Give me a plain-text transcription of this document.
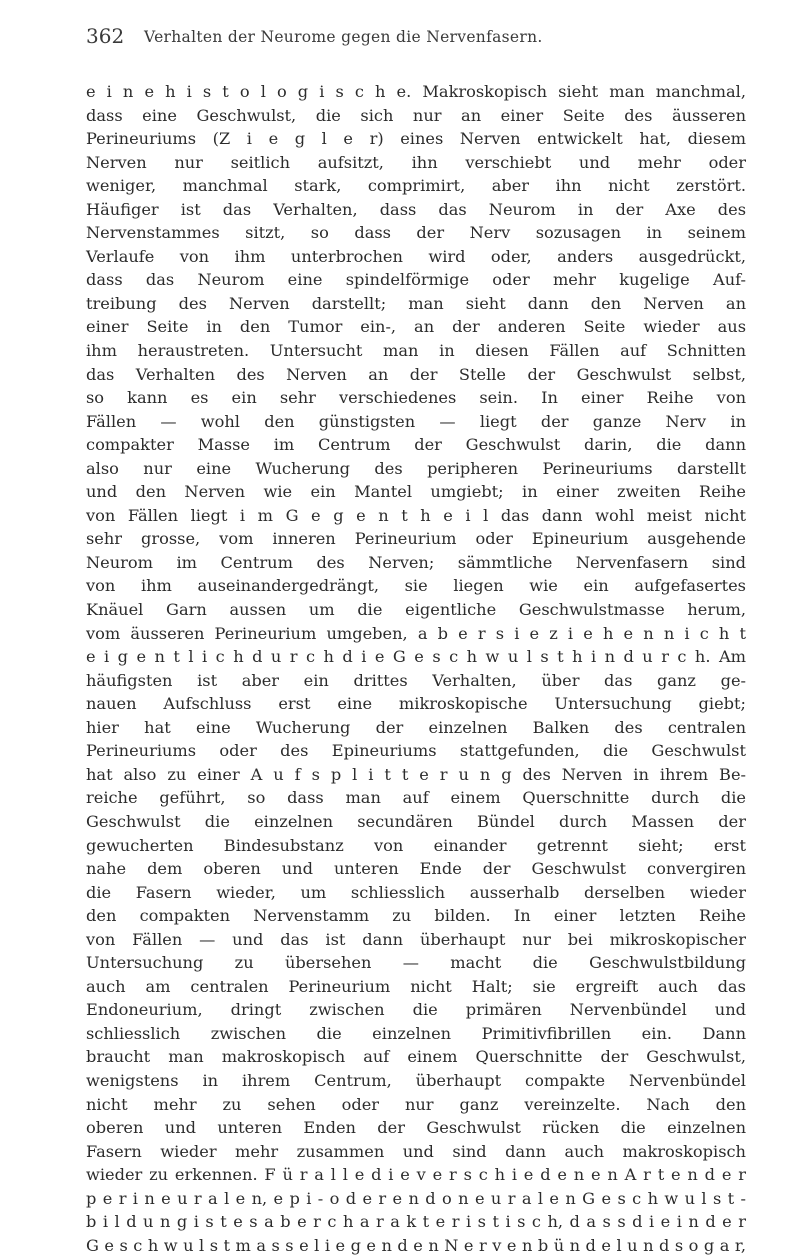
362 Verhalten der Neurome gegen die Nervenfasern.
e i n e h i s t o l o g i s c h e. Makroskopisch sieht man manchmal,
dass eine Geschwulst, die sich nur an einer Seite des äusseren
Perineuriums (Z i e g l e r) eines Nerven entwickelt hat, diesem
Nerven nur seitlich aufsitzt, ihn verschiebt und mehr oder
weniger, manchmal stark, comprimirt, aber ihn nicht zerstört.
Häufiger ist das Verhalten, dass das Neurom in der Axe des
Nervenstammes sitzt, so dass der Nerv sozusagen in seinem
Verlaufe von ihm unterbrochen wird oder, anders ausgedrückt,
dass das Neurom eine spindelförmige oder mehr kugelige Auf-
treibung des Nerven darstellt; man sieht dann den Nerven an
einer Seite in den Tumor ein-, an der anderen Seite wieder aus
ihm heraustreten. Untersucht man in diesen Fällen auf Schnitten
das Verhalten des Nerven an der Stelle der Geschwulst selbst,
so kann es ein sehr verschiedenes sein. In einer Reihe von
Fällen — wohl den günstigsten — liegt der ganze Nerv in
compakter Masse im Centrum der Geschwulst darin, die dann
also nur eine Wucherung des peripheren Perineuriums darstellt
und den Nerven wie ein Mantel umgiebt; in einer zweiten Reihe
von Fällen liegt i m G e g e n t h e i l das dann wohl meist nicht
sehr grosse, vom inneren Perineurium oder Epineurium ausgehende
Neurom im Centrum des Nerven; sämmtliche Nervenfasern sind
von ihm auseinandergedrängt, sie liegen wie ein aufgefasertes
Knäuel Garn aussen um die eigentliche Geschwulstmasse herum,
vom äusseren Perineurium umgeben, a b e r s i e z i e h e n n i c h t
e i g e n t l i c h d u r c h d i e G e s c h w u l s t h i n d u r c h. Am
häufigsten ist aber ein drittes Verhalten, über das ganz ge-
nauen Aufschluss erst eine mikroskopische Untersuchung giebt;
hier hat eine Wucherung der einzelnen Balken des centralen
Perineuriums oder des Epineuriums stattgefunden, die Geschwulst
hat also zu einer A u f s p l i t t e r u n g des Nerven in ihrem Be-
reiche geführt, so dass man auf einem Querschnitte durch die
Geschwulst die einzelnen secundären Bündel durch Massen der
gewucherten Bindesubstanz von einander getrennt sieht; erst
nahe dem oberen und unteren Ende der Geschwulst convergiren
die Fasern wieder, um schliesslich ausserhalb derselben wieder
den compakten Nervenstamm zu bilden. In einer letzten Reihe
von Fällen — und das ist dann überhaupt nur bei mikroskopischer
Untersuchung zu übersehen — macht die Geschwulstbildung
auch am centralen Perineurium nicht Halt; sie ergreift auch das
Endoneurium, dringt zwischen die primären Nervenbündel und
schliesslich zwischen die einzelnen Primitivfibrillen ein. Dann
braucht man makroskopisch auf einem Querschnitte der Geschwulst,
wenigstens in ihrem Centrum, überhaupt compakte Nervenbündel
nicht mehr zu sehen oder nur ganz vereinzelte. Nach den
oberen und unteren Enden der Geschwulst rücken die einzelnen
Fasern wieder mehr zusammen und sind dann auch makroskopisch
wieder zu erkennen. F ü r a l l e d i e v e r s c h i e d e n e n A r t e n d e r
p e r i n e u r a l e n, e p i - o d e r e n d o n e u r a l e n G e s c h w u l s t -
b i l d u n g i s t e s a b e r c h a r a k t e r i s t i s c h, d a s s d i e i n d e r
G e s c h w u l s t m a s s e l i e g e n d e n N e r v e n b ü n d e l u n d s o g a r,
